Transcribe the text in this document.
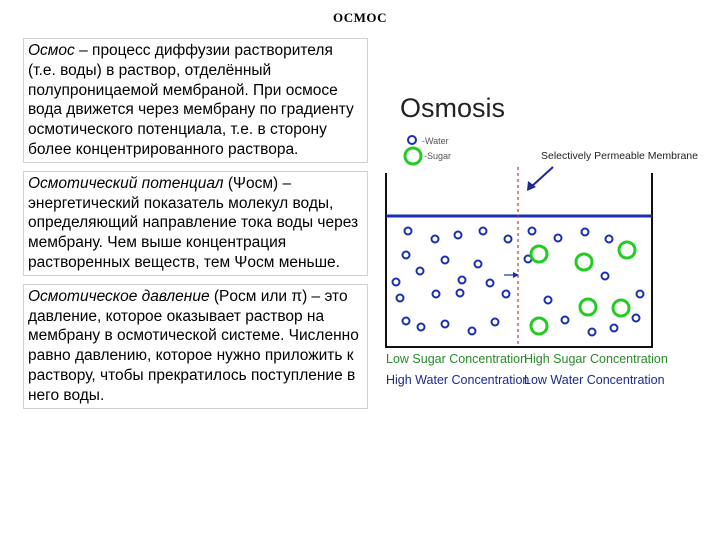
ОСМОС
Осмос – процесс диффузии растворителя (т.е. воды) в раствор, отделённый полупроницаемой мембраной. При осмосе вода движется через мембрану по градиенту осмотического потенциала, т.е. в сторону более концентрированного раствора.
Осмотический потенциал (Ψосм) – энергетический показатель молекул воды, определяющий направление тока воды через мембрану. Чем выше концентрация растворенных веществ, тем Ψосм меньше.
Осмотическое давление (Pосм или π) – это давление, которое оказывает раствор на мембрану в осмотической системе. Численно равно давлению, которое нужно приложить к раствору, чтобы прекратилось поступление в него воды.
Osmosis
-Water
-Sugar	Selectively Permeable Membrane
Low Sugar Concentration
High Water Concentration
High Sugar Concentration
Low Water Concentration
